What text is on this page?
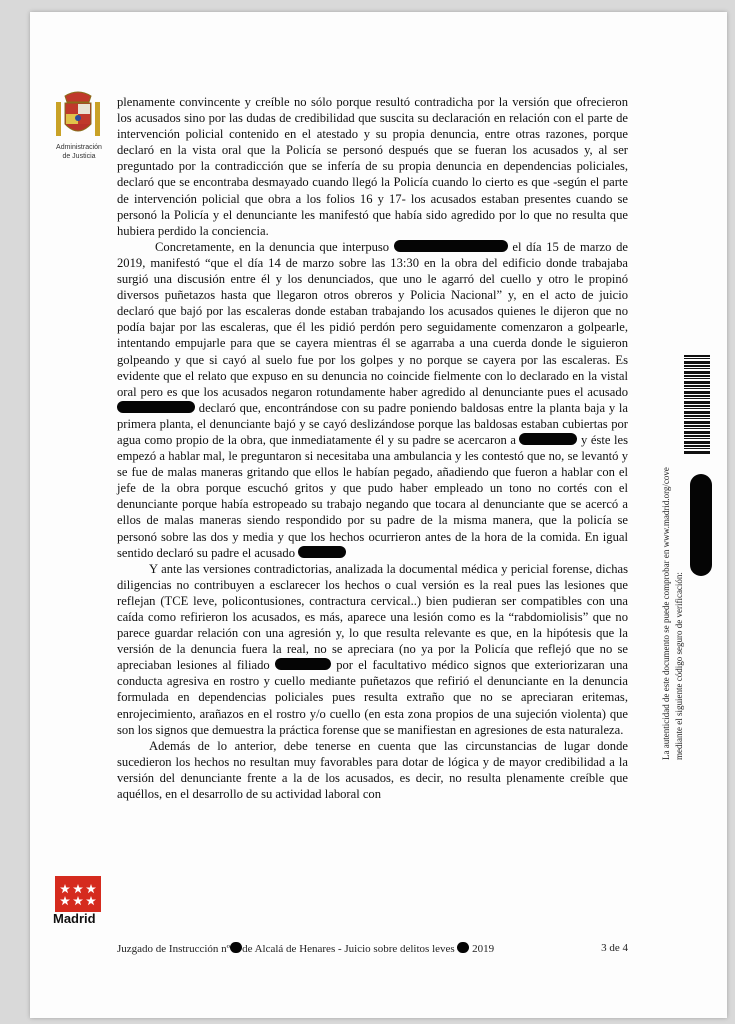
Administración
de Justicia

plenamente convincente y creíble no sólo porque resultó contradicha por la versión que ofrecieron los acusados sino por las dudas de credibilidad que suscita su declaración en relación con el parte de intervención policial contenido en el atestado y su propia denuncia, entre otras razones, porque declaró en la vista oral que la Policía se personó después que se fueran los acusados y, al ser preguntado por la contradicción que se infería de su propia denuncia en dependencias policiales, declaró que se encontraba desmayado cuando llegó la Policía cuando lo cierto es que -según el parte de intervención policial que obra a los folios 16 y 17- los acusados estaban presentes cuando se personó la Policía y el denunciante les manifestó que había sido agredido por lo que no resulta que hubiera perdido la conciencia.

Concretamente, en la denuncia que interpuso	el día 15 de marzo de 2019, manifestó “que el día 14 de marzo sobre las 13:30 en la obra del edificio donde trabajaba surgió una discusión entre él y los denunciados, que uno le agarró del cuello y otro le propinó diversos puñetazos hasta que llegaron otros obreros y Policia Nacional” y, en el acto de juicio declaró que bajó por las escaleras donde estaban trabajando los acusados quienes le dijeron que no podía bajar por las escaleras, que él les pidió perdón pero seguidamente comenzaron a golpearle, intentando empujarle para que se cayera mientras él se agarraba a una cuerda donde le siguieron golpeando y que si cayó al suelo fue por los golpes y no porque se cayera por las escaleras. Es evidente que el relato que expuso en su denuncia no coincide fielmente con lo declarado en la vistal oral pero es que los acusados negaron rotundamente haber agredido al denunciante pues el acusado  declaró que, encontrándose con su padre poniendo baldosas entre la planta baja y la primera planta, el denunciante bajó y se cayó deslizándose porque las baldosas estaban cubiertas por agua como propio de la obra, que inmediatamente él y su padre se acercaron a	y éste les empezó a hablar mal, le preguntaron si necesitaba una ambulancia y les contestó que no, se levantó y se fue de malas maneras gritando que ellos le habían pegado, añadiendo que fueron a hablar con el jefe de la obra porque escuchó gritos y que pudo haber empleado un tono no cortés con el denunciante porque había estropeado su trabajo negando que tocara al denunciante que se acercó a ellos de malas maneras siendo respondido por su padre de la misma manera, que la policía se personó sobre las dos y media y que los hechos ocurrieron antes de la hora de la comida. En igual sentido declaró su padre el acusado

Y ante las versiones contradictorias, analizada la documental médica y pericial forense, dichas diligencias no contribuyen a esclarecer los hechos o cual versión es la real pues las lesiones que reflejan (TCE leve, policontusiones, contractura cervical..) bien pudieran ser compatibles con una caída como refirieron los acusados, es más, aparece una lesión como es la “rabdomiolisis” que no parece guardar relación con una agresión y, lo que resulta relevante es que, en la hipótesis que la versión de la denuncia fuera la real, no se apreciara (no ya por la Policía que reflejó que no se apreciaban lesiones al filiado	por el facultativo médico signos que exteriorizaran una conducta agresiva en rostro y cuello mediante puñetazos que refirió el denunciante en la denuncia formulada en dependencias policiales pues resulta extraño que no se apreciaran eritemas, enrojecimiento, arañazos en el rostro y/o cuello (en esta zona propios de una sujeción violenta) que son los signos que demuestra la práctica forense que se manifiestan en agresiones de esta naturaleza.

Además de lo anterior, debe tenerse en cuenta que las circunstancias de lugar donde sucedieron los hechos no resultan muy favorables para dotar de lógica y de mayor credibilidad a la versión del denunciante frente a la de los acusados, es decir, no resulta plenamente creíble que aquéllos, en el desarrollo de su actividad laboral con

Madrid
Juzgado de Instrucción nº de Alcalá de Henares - Juicio sobre delitos leves 2019	3 de 4
La autenticidad de este documento se puede comprobar en www.madrid.org/cove mediante el siguiente código seguro de verificación:
